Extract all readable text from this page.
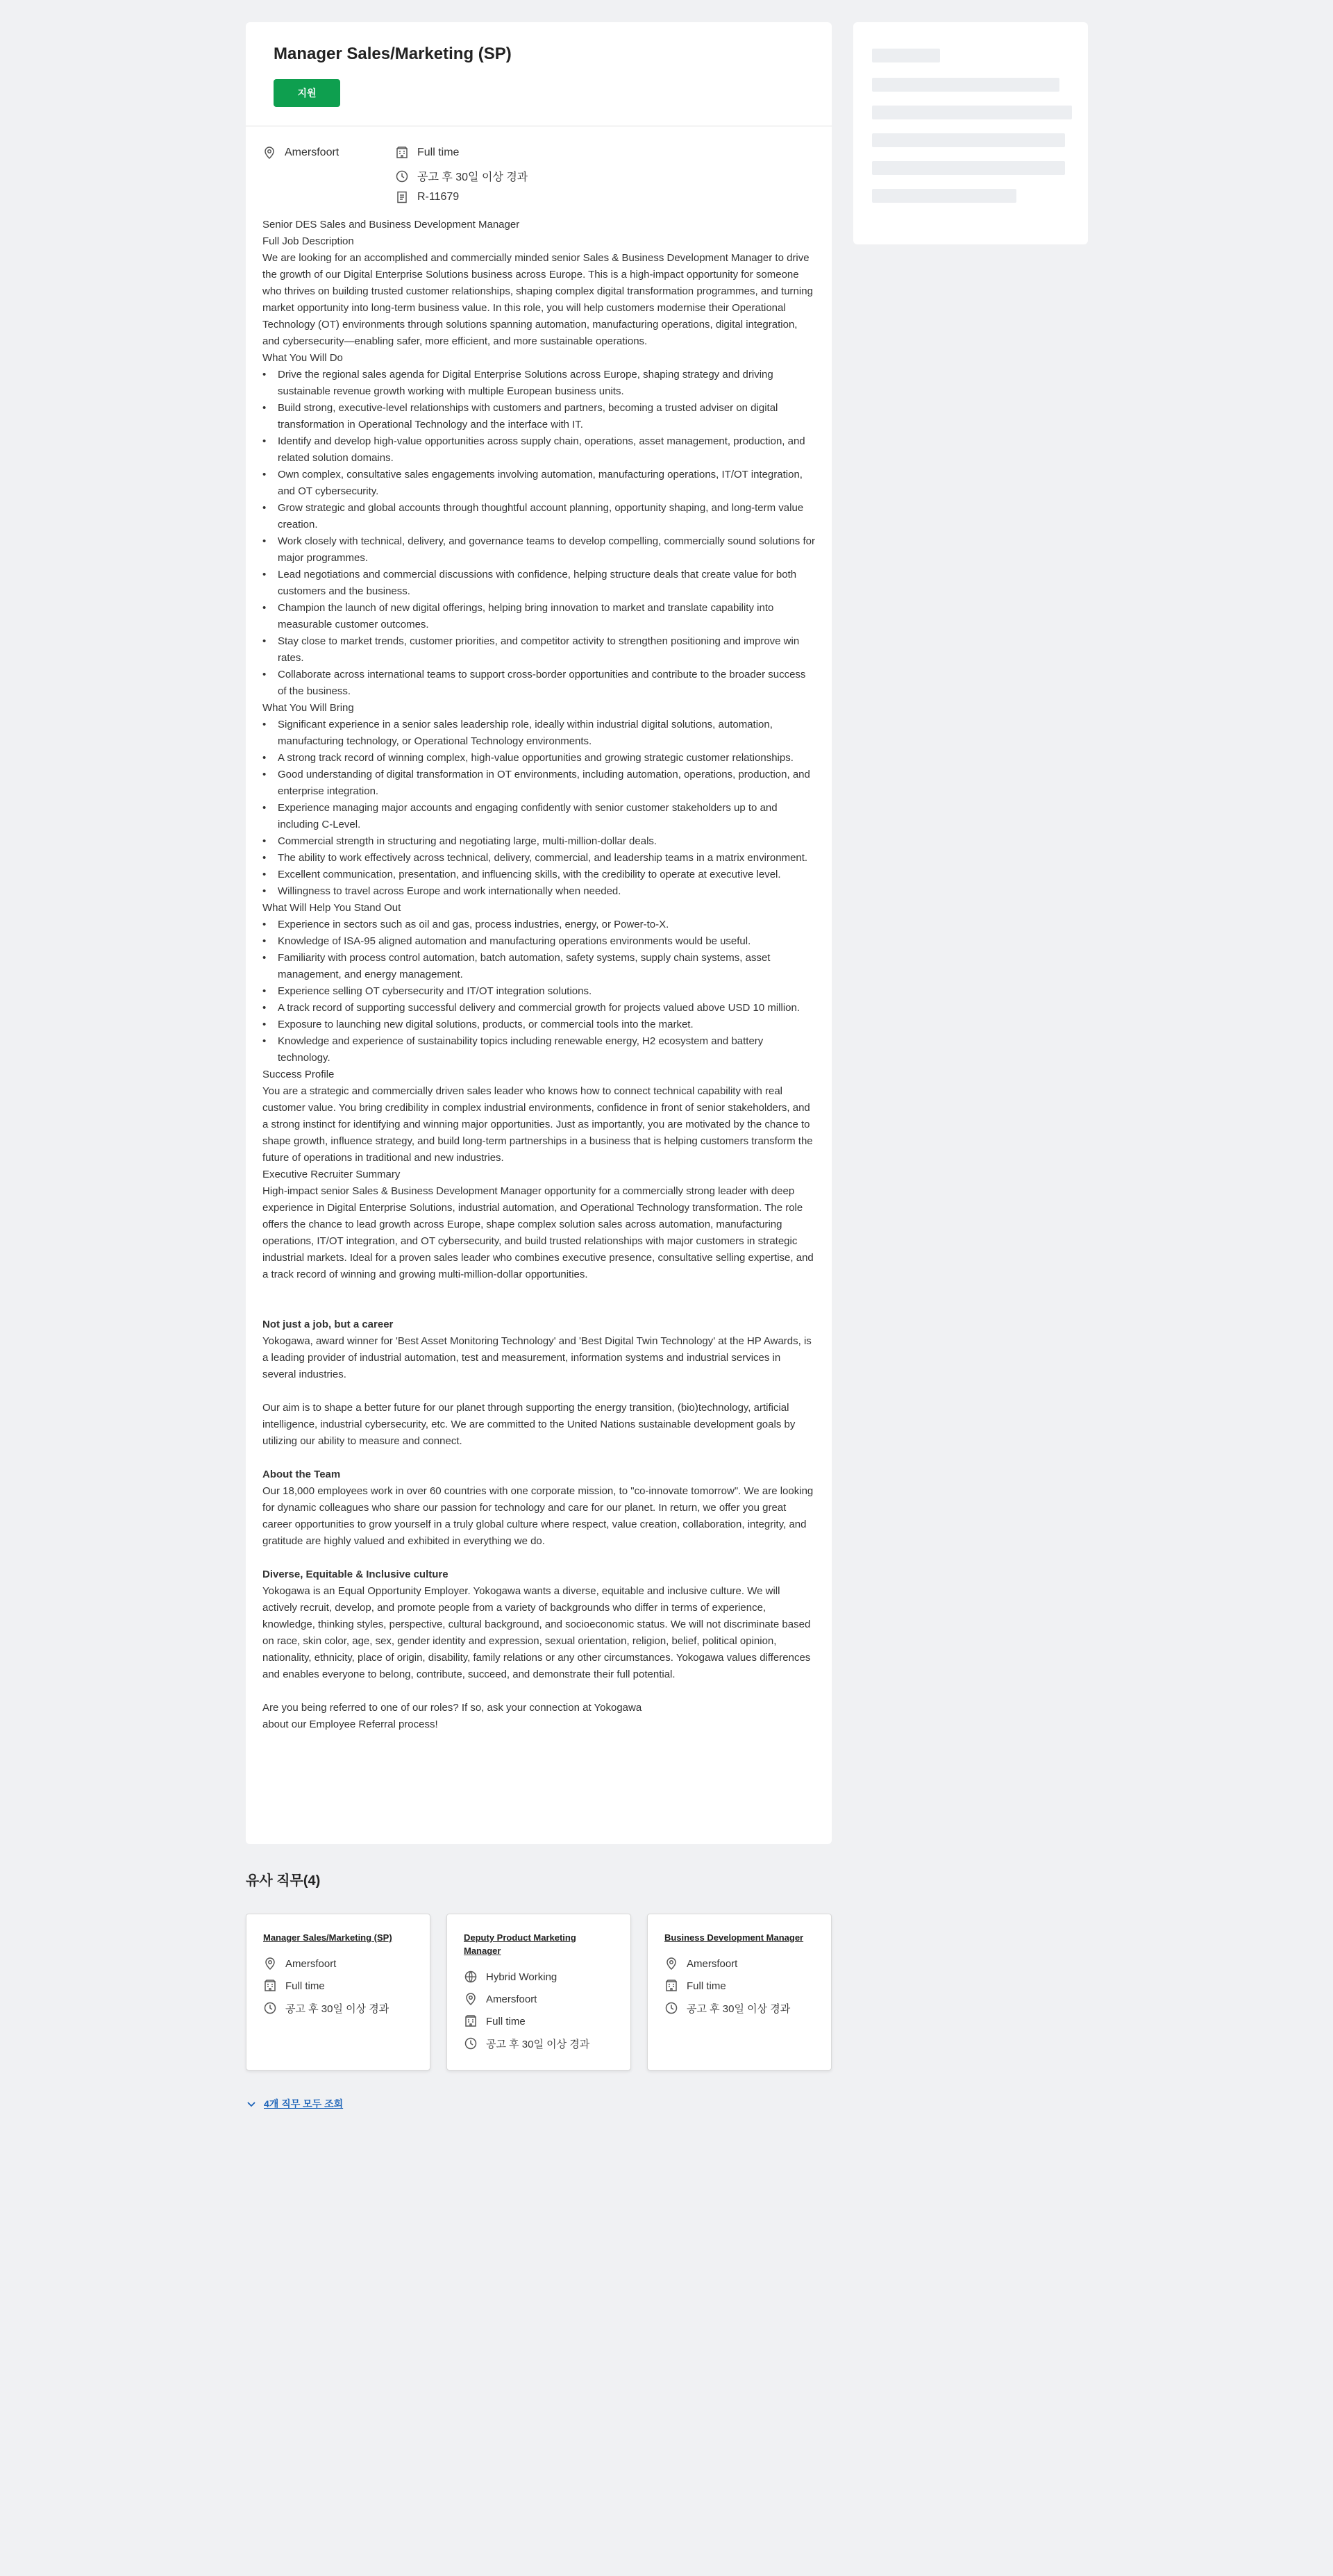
Manager Sales/Marketing (SP)
지원
Amersfoort	Full time
공고 후 30일 이상 경과
R-11679
Senior DES Sales and Business Development Manager
Full Job Description
We are looking for an accomplished and commercially minded senior Sales & Business Development Manager to drive the growth of our Digital Enterprise Solutions business across Europe. This is a high-impact opportunity for someone who thrives on building trusted customer relationships, shaping complex digital transformation programmes, and turning market opportunity into long-term business value. In this role, you will help customers modernise their Operational Technology (OT) environments through solutions spanning automation, manufacturing operations, digital integration, and cybersecurity—enabling safer, more efficient, and more sustainable operations.
What You Will Do
• Drive the regional sales agenda for Digital Enterprise Solutions across Europe, shaping strategy and driving sustainable revenue growth working with multiple European business units.
• Build strong, executive-level relationships with customers and partners, becoming a trusted adviser on digital transformation in Operational Technology and the interface with IT.
• Identify and develop high-value opportunities across supply chain, operations, asset management, production, and related solution domains.
• Own complex, consultative sales engagements involving automation, manufacturing operations, IT/OT integration, and OT cybersecurity.
• Grow strategic and global accounts through thoughtful account planning, opportunity shaping, and long-term value creation.
• Work closely with technical, delivery, and governance teams to develop compelling, commercially sound solutions for major programmes.
• Lead negotiations and commercial discussions with confidence, helping structure deals that create value for both customers and the business.
• Champion the launch of new digital offerings, helping bring innovation to market and translate capability into measurable customer outcomes.
• Stay close to market trends, customer priorities, and competitor activity to strengthen positioning and improve win rates.
• Collaborate across international teams to support cross-border opportunities and contribute to the broader success of the business.
What You Will Bring
• Significant experience in a senior sales leadership role, ideally within industrial digital solutions, automation, manufacturing technology, or Operational Technology environments.
• A strong track record of winning complex, high-value opportunities and growing strategic customer relationships.
• Good understanding of digital transformation in OT environments, including automation, operations, production, and enterprise integration.
• Experience managing major accounts and engaging confidently with senior customer stakeholders up to and including C-Level.
• Commercial strength in structuring and negotiating large, multi-million-dollar deals.
• The ability to work effectively across technical, delivery, commercial, and leadership teams in a matrix environment.
• Excellent communication, presentation, and influencing skills, with the credibility to operate at executive level.
• Willingness to travel across Europe and work internationally when needed.
What Will Help You Stand Out
• Experience in sectors such as oil and gas, process industries, energy, or Power-to-X.
• Knowledge of ISA-95 aligned automation and manufacturing operations environments would be useful.
• Familiarity with process control automation, batch automation, safety systems, supply chain systems, asset management, and energy management.
• Experience selling OT cybersecurity and IT/OT integration solutions.
• A track record of supporting successful delivery and commercial growth for projects valued above USD 10 million.
• Exposure to launching new digital solutions, products, or commercial tools into the market.
• Knowledge and experience of sustainability topics including renewable energy, H2 ecosystem and battery technology.
Success Profile
You are a strategic and commercially driven sales leader who knows how to connect technical capability with real customer value. You bring credibility in complex industrial environments, confidence in front of senior stakeholders, and a strong instinct for identifying and winning major opportunities. Just as importantly, you are motivated by the chance to shape growth, influence strategy, and build long-term partnerships in a business that is helping customers transform the future of operations in traditional and new industries.
Executive Recruiter Summary
High-impact senior Sales & Business Development Manager opportunity for a commercially strong leader with deep experience in Digital Enterprise Solutions, industrial automation, and Operational Technology transformation. The role offers the chance to lead growth across Europe, shape complex solution sales across automation, manufacturing operations, IT/OT integration, and OT cybersecurity, and build trusted relationships with major customers in strategic industrial markets. Ideal for a proven sales leader who combines executive presence, consultative selling expertise, and a track record of winning and growing multi-million-dollar opportunities.
Not just a job, but a career
Yokogawa, award winner for 'Best Asset Monitoring Technology' and 'Best Digital Twin Technology' at the HP Awards, is a leading provider of industrial automation, test and measurement, information systems and industrial services in several industries.
Our aim is to shape a better future for our planet through supporting the energy transition, (bio)technology, artificial intelligence, industrial cybersecurity, etc. We are committed to the United Nations sustainable development goals by utilizing our ability to measure and connect.
About the Team
Our 18,000 employees work in over 60 countries with one corporate mission, to "co-innovate tomorrow". We are looking for dynamic colleagues who share our passion for technology and care for our planet. In return, we offer you great career opportunities to grow yourself in a truly global culture where respect, value creation, collaboration, integrity, and gratitude are highly valued and exhibited in everything we do.
Diverse, Equitable & Inclusive culture
Yokogawa is an Equal Opportunity Employer. Yokogawa wants a diverse, equitable and inclusive culture. We will actively recruit, develop, and promote people from a variety of backgrounds who differ in terms of experience, knowledge, thinking styles, perspective, cultural background, and socioeconomic status. We will not discriminate based on race, skin color, age, sex, gender identity and expression, sexual orientation, religion, belief, political opinion, nationality, ethnicity, place of origin, disability, family relations or any other circumstances. Yokogawa values differences and enables everyone to belong, contribute, succeed, and demonstrate their full potential.
Are you being referred to one of our roles? If so, ask your connection at Yokogawa
about our Employee Referral process!
유사 직무(4)
Manager Sales/Marketing (SP)
Amersfoort
Full time
공고 후 30일 이상 경과
Deputy Product Marketing Manager
Hybrid Working
Amersfoort
Full time
공고 후 30일 이상 경과
Business Development Manager
Amersfoort
Full time
공고 후 30일 이상 경과
4개 직무 모두 조회
